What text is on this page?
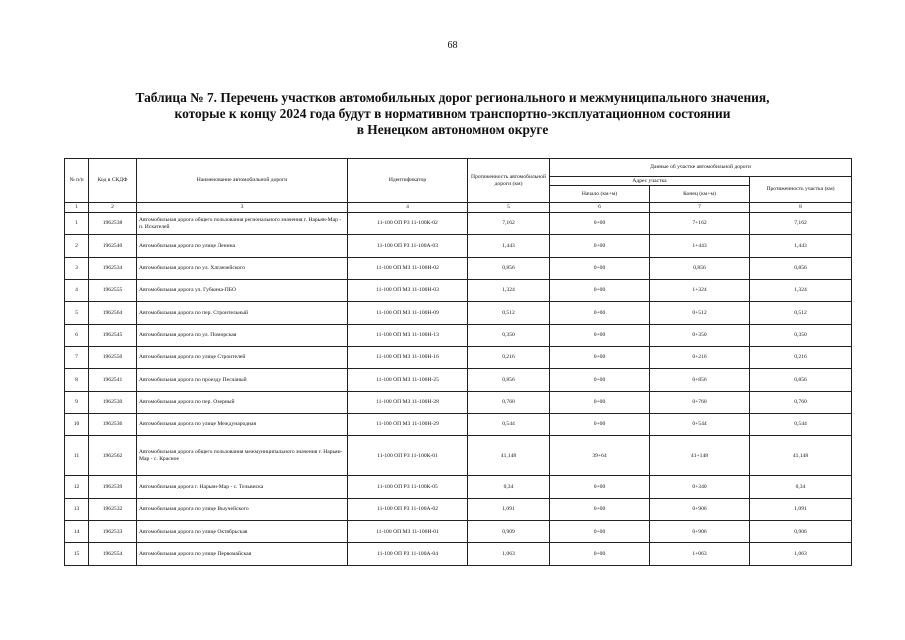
68
Таблица № 7. Перечень участков автомобильных дорог регионального и межмуниципального значения,
которые к концу 2024 года будут в нормативном транспортно-эксплуатационном состоянии
в Ненецком автономном округе
№ п/п	Код в СКДФ	Наименование автомобильной дороги	Идентификатор	Протяженность автомобильной дороги (км)	Данные об участке автомобильной дороги		
					Адрес участка		Протяженность участка (км)
					Начало (км+м)	Конец (км+м)	
1	2	3	4	5	6	7	8
1	1962538	Автомобильная дорога общего пользования регионального значения г. Нарьян-Мар - п. Искателей	11-100 ОП РЗ 11-100К-02	7,162	0+00	7+162	7,162
2	1962540	Автомобильная дорога по улице Ленина	11-100 ОП РЗ 11-100А-03	1,443	0+00	1+443	1,443
3	1962534	Автомобильная дорога по ул. Хатанзейского	11-100 ОП МЗ 11-100Н-02	0,856	0+00	0,856	0,856
4	1962555	Автомобильная дорога ул. Губкина-ПБО	11-100 ОП МЗ 11-100Н-03	1,324	0+00	1+324	1,324
5	1962564	Автомобильная дорога по пер. Строительный	11-100 ОП МЗ 11-100Н-09	0,512	0+00	0+512	0,512
6	1962545	Автомобильная дорога по ул. Поморская	11-100 ОП МЗ 11-100Н-13	0,350	0+00	0+350	0,350
7	1962550	Автомобильная дорога по улице Строителей	11-100 ОП МЗ 11-100Н-16	0,216	0+00	0+216	0,216
8	1962541	Автомобильная дорога по проезду Песчаный	11-100 ОП МЗ 11-100Н-25	0,856	0+00	0+856	0,856
9	1962530	Автомобильная дорога по пер. Озерный	11-100 ОП МЗ 11-100Н-28	0,760	0+00	0+760	0,760
10	1962536	Автомобильная дорога по улице Международная	11-100 ОП МЗ 11-100Н-29	0,544	0+00	0+544	0,544
11	1962562	Автомобильная дорога общего пользования межмуниципального значения г. Нарьян-Мар - с. Красное	11-100 ОП РЗ 11-100К-01	41,148	39+64	41+148	41,148
12	1962539	Автомобильная дорога г. Нарьян-Мар - с. Тельвиска	11-100 ОП РЗ 11-100К-05	0,34	0+00	0+340	0,34
13	1962532	Автомобильная дорога по улице Выучейского	11-100 ОП РЗ 11-100А-02	1,091	0+00	0+906	1,091
14	1962533	Автомобильная дорога по улице Октябрьская	11-100 ОП МЗ 11-100Н-01	0,909	0+00	0+906	0,906
15	1962554	Автомобильная дорога по улице Первомайская	11-100 ОП РЗ 11-100А-04	1,063	0+00	1+063	1,063
